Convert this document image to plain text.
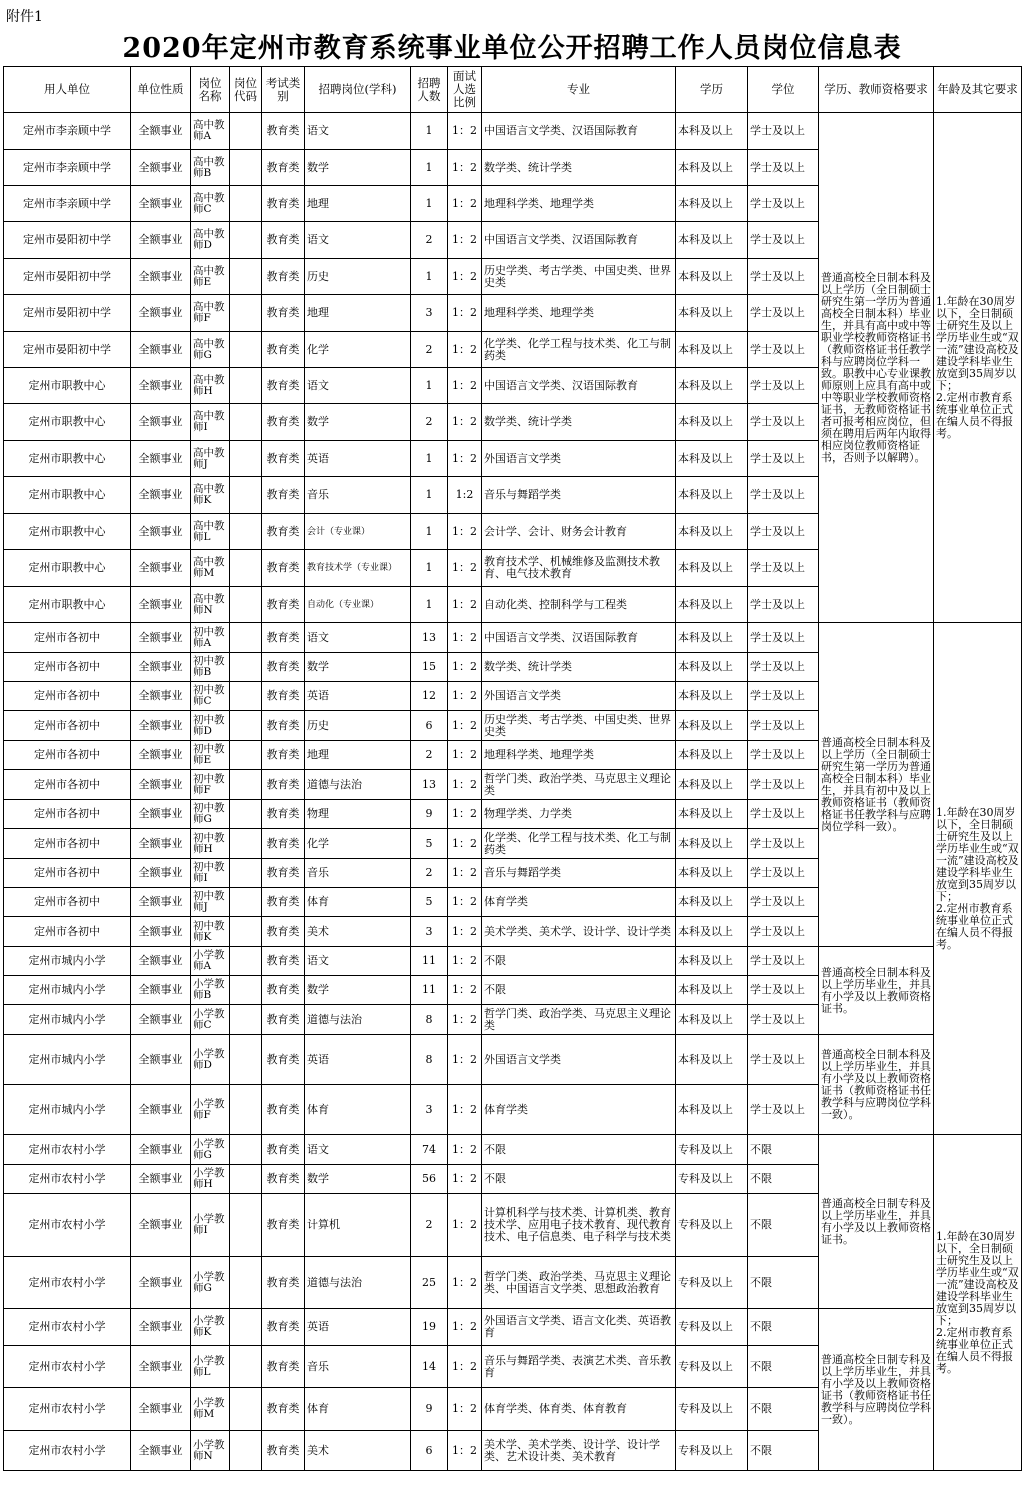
附件1
2020年定州市教育系统事业单位公开招聘工作人员岗位信息表
用人单位	单位性质	岗位名称	岗位代码	考试类别	招聘岗位(学科)	招聘人数	面试人选比例	专业	学历	学位	学历、教师资格要求	年龄及其它要求
定州市李亲顾中学	全额事业	高中教师A		教育类	语文	1	1：2	中国语言文学类、汉语国际教育	本科及以上	学士及以上	普通高校全日制本科及以上学历（全日制硕士研究生第一学历为普通高校全日制本科）毕业生，并具有高中或中等职业学校教师资格证书（教师资格证书任教学科与应聘岗位学科一致。职教中心专业课教师原则上应具有高中或中等职业学校教师资格证书，无教师资格证书者可报考相应岗位，但须在聘用后两年内取得相应岗位教师资格证书，否则予以解聘）。	1.年龄在30周岁以下，全日制硕士研究生及以上学历毕业生或“双一流”建设高校及建设学科毕业生放宽到35周岁以下；
2.定州市教育系统事业单位正式在编人员不得报考。
定州市李亲顾中学	全额事业	高中教师B		教育类	数学	1	1：2	数学类、统计学类	本科及以上	学士及以上		
定州市李亲顾中学	全额事业	高中教师C		教育类	地理	1	1：2	地理科学类、地理学类	本科及以上	学士及以上		
定州市晏阳初中学	全额事业	高中教师D		教育类	语文	2	1：2	中国语言文学类、汉语国际教育	本科及以上	学士及以上		
定州市晏阳初中学	全额事业	高中教师E		教育类	历史	1	1：2	历史学类、考古学类、中国史类、世界史类	本科及以上	学士及以上		
定州市晏阳初中学	全额事业	高中教师F		教育类	地理	3	1：2	地理科学类、地理学类	本科及以上	学士及以上		
定州市晏阳初中学	全额事业	高中教师G		教育类	化学	2	1：2	化学类、化学工程与技术类、化工与制药类	本科及以上	学士及以上		
定州市职教中心	全额事业	高中教师H		教育类	语文	1	1：2	中国语言文学类、汉语国际教育	本科及以上	学士及以上		
定州市职教中心	全额事业	高中教师I		教育类	数学	2	1：2	数学类、统计学类	本科及以上	学士及以上		
定州市职教中心	全额事业	高中教师J		教育类	英语	1	1：2	外国语言文学类	本科及以上	学士及以上		
定州市职教中心	全额事业	高中教师K		教育类	音乐	1	1:2	音乐与舞蹈学类	本科及以上	学士及以上		
定州市职教中心	全额事业	高中教师L		教育类	会计（专业课）	1	1：2	会计学、会计、财务会计教育	本科及以上	学士及以上		
定州市职教中心	全额事业	高中教师M		教育类	教育技术学（专业课）	1	1：2	教育技术学、机械维修及监测技术教育、电气技术教育	本科及以上	学士及以上		
定州市职教中心	全额事业	高中教师N		教育类	自动化（专业课）	1	1：2	自动化类、控制科学与工程类	本科及以上	学士及以上		
定州市各初中	全额事业	初中教师A		教育类	语文	13	1：2	中国语言文学类、汉语国际教育	本科及以上	学士及以上	普通高校全日制本科及以上学历（全日制硕士研究生第一学历为普通高校全日制本科）毕业生，并具有初中及以上教师资格证书（教师资格证书任教学科与应聘岗位学科一致）。	1.年龄在30周岁以下，全日制硕士研究生及以上学历毕业生或“双一流”建设高校及建设学科毕业生放宽到35周岁以下；
2.定州市教育系统事业单位正式在编人员不得报考。
定州市各初中	全额事业	初中教师B		教育类	数学	15	1：2	数学类、统计学类	本科及以上	学士及以上		
定州市各初中	全额事业	初中教师C		教育类	英语	12	1：2	外国语言文学类	本科及以上	学士及以上		
定州市各初中	全额事业	初中教师D		教育类	历史	6	1：2	历史学类、考古学类、中国史类、世界史类	本科及以上	学士及以上		
定州市各初中	全额事业	初中教师E		教育类	地理	2	1：2	地理科学类、地理学类	本科及以上	学士及以上		
定州市各初中	全额事业	初中教师F		教育类	道德与法治	13	1：2	哲学门类、政治学类、马克思主义理论类	本科及以上	学士及以上		
定州市各初中	全额事业	初中教师G		教育类	物理	9	1：2	物理学类、力学类	本科及以上	学士及以上		
定州市各初中	全额事业	初中教师H		教育类	化学	5	1：2	化学类、化学工程与技术类、化工与制药类	本科及以上	学士及以上		
定州市各初中	全额事业	初中教师I		教育类	音乐	2	1：2	音乐与舞蹈学类	本科及以上	学士及以上		
定州市各初中	全额事业	初中教师J		教育类	体育	5	1：2	体育学类	本科及以上	学士及以上		
定州市各初中	全额事业	初中教师K		教育类	美术	3	1：2	美术学类、美术学、设计学、设计学类	本科及以上	学士及以上		
定州市城内小学	全额事业	小学教师A		教育类	语文	11	1：2	不限	本科及以上	学士及以上	普通高校全日制本科及以上学历毕业生，并具有小学及以上教师资格证书。	
定州市城内小学	全额事业	小学教师B		教育类	数学	11	1：2	不限	本科及以上	学士及以上		
定州市城内小学	全额事业	小学教师C		教育类	道德与法治	8	1：2	哲学门类、政治学类、马克思主义理论类	本科及以上	学士及以上		
定州市城内小学	全额事业	小学教师D		教育类	英语	8	1：2	外国语言文学类	本科及以上	学士及以上	普通高校全日制本科及以上学历毕业生，并具有小学及以上教师资格证书（教师资格证书任教学科与应聘岗位学科一致）。	
定州市城内小学	全额事业	小学教师F		教育类	体育	3	1：2	体育学类	本科及以上	学士及以上		
定州市农村小学	全额事业	小学教师G		教育类	语文	74	1：2	不限	专科及以上	不限	普通高校全日制专科及以上学历毕业生，并具有小学及以上教师资格证书。	1.年龄在30周岁以下，全日制硕士研究生及以上学历毕业生或“双一流”建设高校及建设学科毕业生放宽到35周岁以下；
2.定州市教育系统事业单位正式在编人员不得报考。
定州市农村小学	全额事业	小学教师H		教育类	数学	56	1：2	不限	专科及以上	不限		
定州市农村小学	全额事业	小学教师I		教育类	计算机	2	1：2	计算机科学与技术类、计算机类、教育技术学、应用电子技术教育、现代教育技术、电子信息类、电子科学与技术类	专科及以上	不限		
定州市农村小学	全额事业	小学教师G		教育类	道德与法治	25	1：2	哲学门类、政治学类、马克思主义理论类、中国语言文学类、思想政治教育	专科及以上	不限		
定州市农村小学	全额事业	小学教师K		教育类	英语	19	1：2	外国语言文学类、语言文化类、英语教育	专科及以上	不限	普通高校全日制专科及以上学历毕业生，并具有小学及以上教师资格证书（教师资格证书任教学科与应聘岗位学科一致）。	
定州市农村小学	全额事业	小学教师L		教育类	音乐	14	1：2	音乐与舞蹈学类、表演艺术类、音乐教育	专科及以上	不限		
定州市农村小学	全额事业	小学教师M		教育类	体育	9	1：2	体育学类、体育类、体育教育	专科及以上	不限		
定州市农村小学	全额事业	小学教师N		教育类	美术	6	1：2	美术学、美术学类、设计学、设计学类、艺术设计类、美术教育	专科及以上	不限		
